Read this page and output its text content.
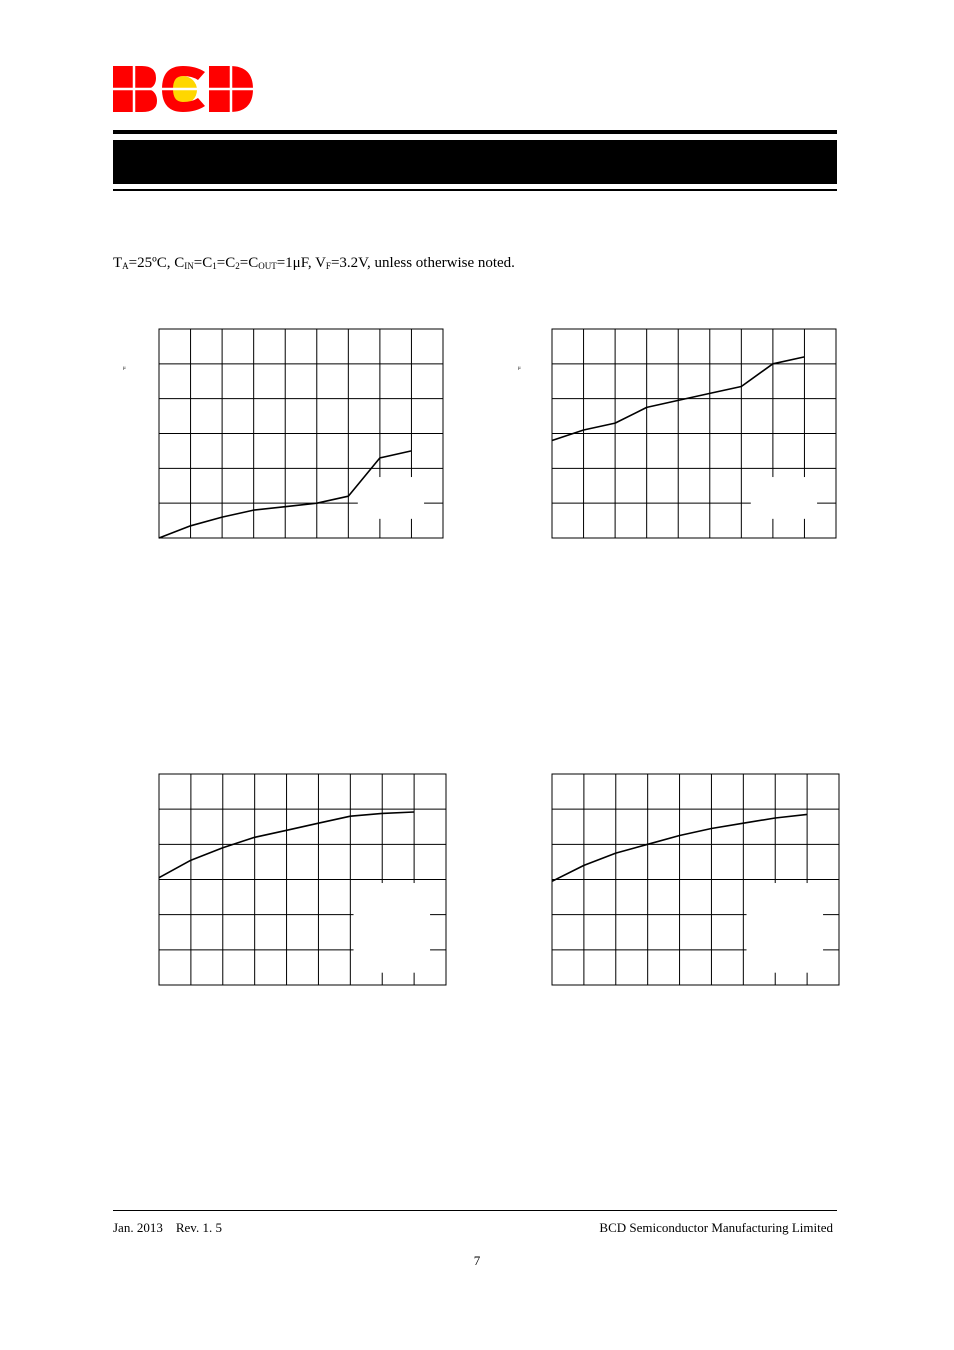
$T_A=25ºC$, $C_{IN}=C_1=C_2=C_{OUT}=1\mu F$, $V_F=3.2V$, unless otherwise noted.
μ	μ
Jan. 2013 Rev. 1. 5	BCD Semiconductor Manufacturing Limited
7
